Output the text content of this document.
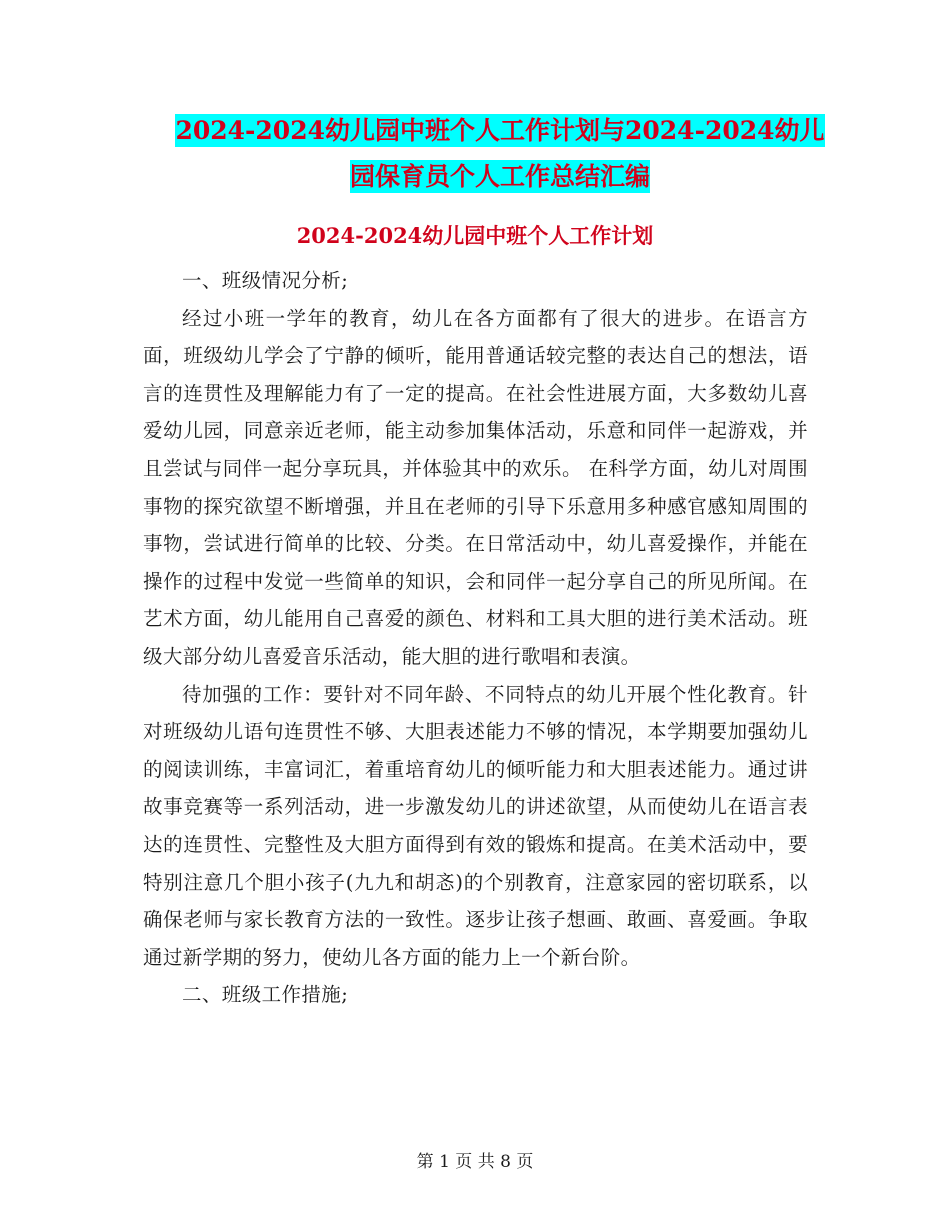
2024-2024幼儿园中班个人工作计划与2024-2024幼儿
园保育员个人工作总结汇编
2024-2024幼儿园中班个人工作计划

一、班级情况分析;

经过小班一学年的教育，幼儿在各方面都有了很大的进步。在语言方面，班级幼儿学会了宁静的倾听，能用普通话较完整的表达自己的想法，语言的连贯性及理解能力有了一定的提高。在社会性进展方面，大多数幼儿喜爱幼儿园，同意亲近老师，能主动参加集体活动，乐意和同伴一起游戏，并且尝试与同伴一起分享玩具，并体验其中的欢乐。 在科学方面，幼儿对周围事物的探究欲望不断增强，并且在老师的引导下乐意用多种感官感知周围的事物，尝试进行简单的比较、分类。在日常活动中，幼儿喜爱操作，并能在操作的过程中发觉一些简单的知识，会和同伴一起分享自己的所见所闻。在艺术方面，幼儿能用自己喜爱的颜色、材料和工具大胆的进行美术活动。班级大部分幼儿喜爱音乐活动，能大胆的进行歌唱和表演。

待加强的工作：要针对不同年龄、不同特点的幼儿开展个性化教育。针对班级幼儿语句连贯性不够、大胆表述能力不够的情况，本学期要加强幼儿的阅读训练，丰富词汇，着重培育幼儿的倾听能力和大胆表述能力。通过讲故事竞赛等一系列活动，进一步激发幼儿的讲述欲望，从而使幼儿在语言表达的连贯性、完整性及大胆方面得到有效的锻炼和提高。在美术活动中，要特别注意几个胆小孩子(九九和胡忞)的个别教育，注意家园的密切联系，以确保老师与家长教育方法的一致性。逐步让孩子想画、敢画、喜爱画。争取通过新学期的努力，使幼儿各方面的能力上一个新台阶。

二、班级工作措施;

第 1 页 共 8 页
